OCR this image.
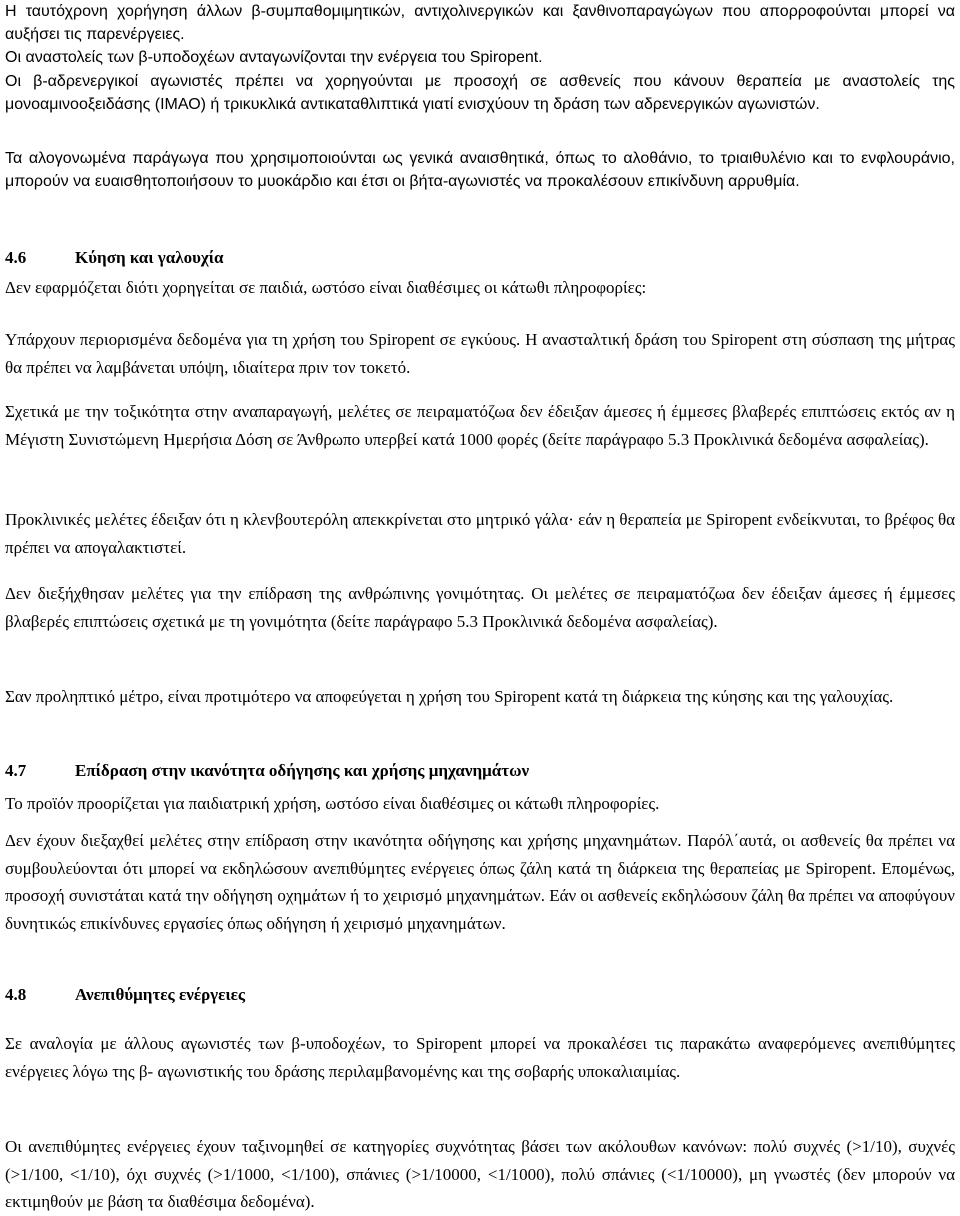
Η ταυτόχρονη χορήγηση άλλων β-συμπαθομιμητικών, αντιχολινεργικών και ξανθινοπαραγώγων που απορροφούνται μπορεί να αυξήσει τις παρενέργειες.

Οι αναστολείς των β-υποδοχέων ανταγωνίζονται την ενέργεια του Spiropent.

Οι β-αδρενεργικοί αγωνιστές πρέπει να χορηγούνται με προσοχή σε ασθενείς που κάνουν θεραπεία με αναστολείς της μονοαμινοοξειδάσης (ΙΜΑΟ) ή τρικυκλικά αντικαταθλιπτικά γιατί ενισχύουν τη δράση των αδρενεργικών αγωνιστών.

Τα αλογονωμένα παράγωγα που χρησιμοποιούνται ως γενικά αναισθητικά, όπως το αλοθάνιο, το τριαιθυλένιο και το ενφλουράνιο, μπορούν να ευαισθητοποιήσουν το μυοκάρδιο και έτσι οι βήτα-αγωνιστές να προκαλέσουν επικίνδυνη αρρυθμία.

4.6	Κύηση και γαλουχία

Δεν εφαρμόζεται διότι χορηγείται σε παιδιά, ωστόσο είναι διαθέσιμες οι κάτωθι πληροφορίες:

Υπάρχουν περιορισμένα δεδομένα για τη χρήση του Spiropent σε εγκύους. Η ανασταλτική δράση του Spiropent στη σύσπαση της μήτρας θα πρέπει να λαμβάνεται υπόψη, ιδιαίτερα πριν τον τοκετό.

Σχετικά με την τοξικότητα στην αναπαραγωγή, μελέτες σε πειραματόζωα δεν έδειξαν άμεσες ή έμμεσες βλαβερές επιπτώσεις εκτός αν η Μέγιστη Συνιστώμενη Ημερήσια Δόση σε Άνθρωπο υπερβεί κατά 1000 φορές (δείτε παράγραφο 5.3 Προκλινικά δεδομένα ασφαλείας).

Προκλινικές μελέτες έδειξαν ότι η κλενβουτερόλη απεκκρίνεται στο μητρικό γάλα· εάν η θεραπεία με Spiropent ενδείκνυται, το βρέφος θα πρέπει να απογαλακτιστεί.

Δεν διεξήχθησαν μελέτες για την επίδραση της ανθρώπινης γονιμότητας. Οι μελέτες σε πειραματόζωα δεν έδειξαν άμεσες ή έμμεσες βλαβερές επιπτώσεις σχετικά με τη γονιμότητα (δείτε παράγραφο 5.3 Προκλινικά δεδομένα ασφαλείας).

Σαν προληπτικό μέτρο, είναι προτιμότερο να αποφεύγεται η χρήση του Spiropent κατά τη διάρκεια της κύησης και της γαλουχίας.

4.7	Επίδραση στην ικανότητα οδήγησης και χρήσης μηχανημάτων

Το προϊόν προορίζεται για παιδιατρική χρήση, ωστόσο είναι διαθέσιμες οι κάτωθι πληροφορίες.

Δεν έχουν διεξαχθεί μελέτες στην επίδραση στην ικανότητα οδήγησης και χρήσης μηχανημάτων. Παρόλ΄αυτά, οι ασθενείς θα πρέπει να συμβουλεύονται ότι μπορεί να εκδηλώσουν ανεπιθύμητες ενέργειες όπως ζάλη κατά τη διάρκεια της θεραπείας με Spiropent. Επομένως, προσοχή συνιστάται κατά την οδήγηση οχημάτων ή το χειρισμό μηχανημάτων. Εάν οι ασθενείς εκδηλώσουν ζάλη θα πρέπει να αποφύγουν δυνητικώς επικίνδυνες εργασίες όπως οδήγηση ή χειρισμό μηχανημάτων.

4.8	Ανεπιθύμητες ενέργειες

Σε αναλογία με άλλους αγωνιστές των β-υποδοχέων, το Spiropent μπορεί να προκαλέσει τις παρακάτω αναφερόμενες ανεπιθύμητες ενέργειες λόγω της β- αγωνιστικής του δράσης περιλαμβανομένης και της σοβαρής υποκαλιαιμίας.

Οι ανεπιθύμητες ενέργειες έχουν ταξινομηθεί σε κατηγορίες συχνότητας βάσει των ακόλουθων κανόνων: πολύ συχνές (>1/10), συχνές (>1/100, <1/10), όχι συχνές (>1/1000, <1/100), σπάνιες (>1/10000, <1/1000), πολύ σπάνιες (<1/10000), μη γνωστές (δεν μπορούν να εκτιμηθούν με βάση τα διαθέσιμα δεδομένα).
